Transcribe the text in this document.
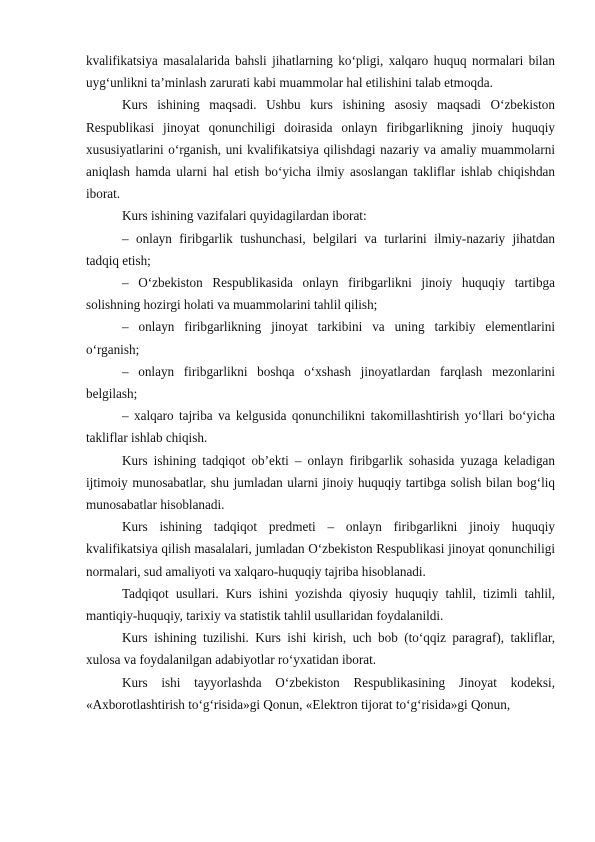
kvalifikatsiya masalalarida bahsli jihatlarning ko‘pligi, xalqaro huquq normalari bilan uyg‘unlikni ta’minlash zarurati kabi muammolar hal etilishini talab etmoqda.

Kurs ishining maqsadi. Ushbu kurs ishining asosiy maqsadi O‘zbekiston Respublikasi jinoyat qonunchiligi doirasida onlayn firibgarlikning jinoiy huquqiy xususiyatlarini o‘rganish, uni kvalifikatsiya qilishdagi nazariy va amaliy muammolarni aniqlash hamda ularni hal etish bo‘yicha ilmiy asoslangan takliflar ishlab chiqishdan iborat.

Kurs ishining vazifalari quyidagilardan iborat:

– onlayn firibgarlik tushunchasi, belgilari va turlarini ilmiy-nazariy jihatdan tadqiq etish;

– O‘zbekiston Respublikasida onlayn firibgarlikni jinoiy huquqiy tartibga solishning hozirgi holati va muammolarini tahlil qilish;

– onlayn firibgarlikning jinoyat tarkibini va uning tarkibiy elementlarini o‘rganish;

– onlayn firibgarlikni boshqa o‘xshash jinoyatlardan farqlash mezonlarini belgilash;

– xalqaro tajriba va kelgusida qonunchilikni takomillashtirish yo‘llari bo‘yicha takliflar ishlab chiqish.

Kurs ishining tadqiqot ob’ekti – onlayn firibgarlik sohasida yuzaga keladigan ijtimoiy munosabatlar, shu jumladan ularni jinoiy huquqiy tartibga solish bilan bog‘liq munosabatlar hisoblanadi.

Kurs ishining tadqiqot predmeti – onlayn firibgarlikni jinoiy huquqiy kvalifikatsiya qilish masalalari, jumladan O‘zbekiston Respublikasi jinoyat qonunchiligi normalari, sud amaliyoti va xalqaro-huquqiy tajriba hisoblanadi.

Tadqiqot usullari. Kurs ishini yozishda qiyosiy huquqiy tahlil, tizimli tahlil, mantiqiy-huquqiy, tarixiy va statistik tahlil usullaridan foydalanildi.

Kurs ishining tuzilishi. Kurs ishi kirish, uch bob (to‘qqiz paragraf), takliflar, xulosa va foydalanilgan adabiyotlar ro‘yxatidan iborat.

Kurs ishi tayyorlashda O‘zbekiston Respublikasining Jinoyat kodeksi, «Axborotlashtirish to‘g‘risida»gi Qonun, «Elektron tijorat to‘g‘risida»gi Qonun,
